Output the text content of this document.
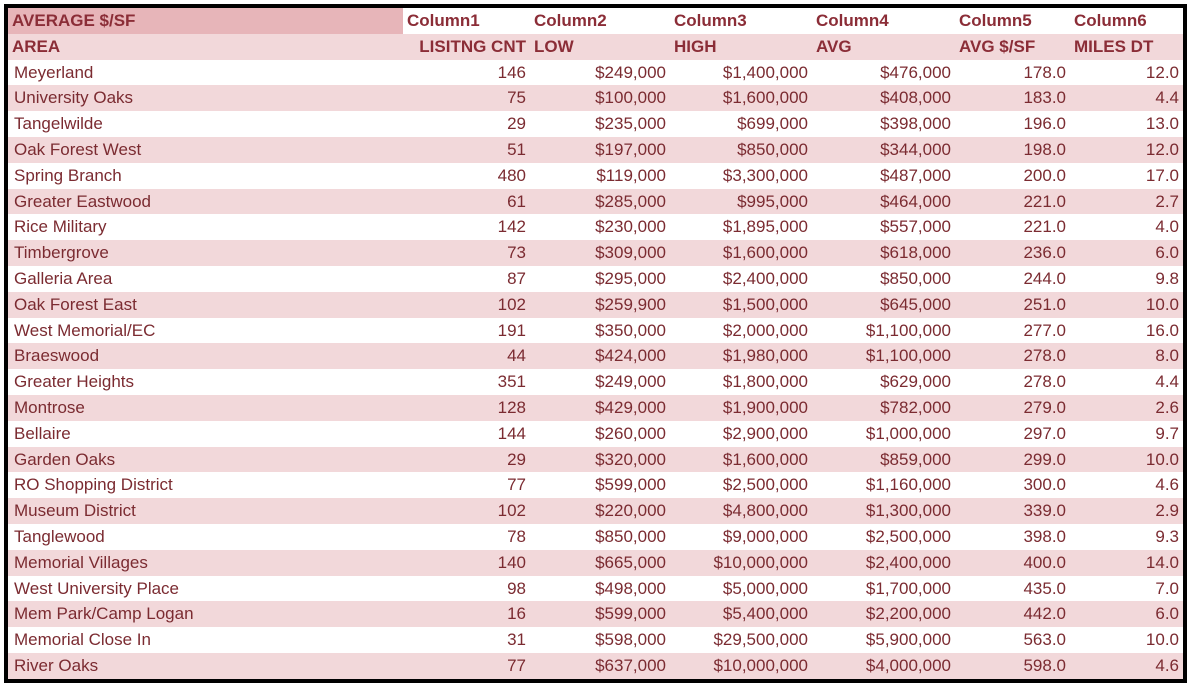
AVERAGE $/SF	Column1	Column2	Column3	Column4	Column5	Column6
AREA	LISITNG CNT	LOW	HIGH	AVG	AVG $/SF	MILES DT
Meyerland	146	$249,000	$1,400,000	$476,000	178.0	12.0
University Oaks	75	$100,000	$1,600,000	$408,000	183.0	4.4
Tangelwilde	29	$235,000	$699,000	$398,000	196.0	13.0
Oak Forest West	51	$197,000	$850,000	$344,000	198.0	12.0
Spring Branch	480	$119,000	$3,300,000	$487,000	200.0	17.0
Greater Eastwood	61	$285,000	$995,000	$464,000	221.0	2.7
Rice Military	142	$230,000	$1,895,000	$557,000	221.0	4.0
Timbergrove	73	$309,000	$1,600,000	$618,000	236.0	6.0
Galleria Area	87	$295,000	$2,400,000	$850,000	244.0	9.8
Oak Forest East	102	$259,900	$1,500,000	$645,000	251.0	10.0
West Memorial/EC	191	$350,000	$2,000,000	$1,100,000	277.0	16.0
Braeswood	44	$424,000	$1,980,000	$1,100,000	278.0	8.0
Greater Heights	351	$249,000	$1,800,000	$629,000	278.0	4.4
Montrose	128	$429,000	$1,900,000	$782,000	279.0	2.6
Bellaire	144	$260,000	$2,900,000	$1,000,000	297.0	9.7
Garden Oaks	29	$320,000	$1,600,000	$859,000	299.0	10.0
RO Shopping District	77	$599,000	$2,500,000	$1,160,000	300.0	4.6
Museum District	102	$220,000	$4,800,000	$1,300,000	339.0	2.9
Tanglewood	78	$850,000	$9,000,000	$2,500,000	398.0	9.3
Memorial Villages	140	$665,000	$10,000,000	$2,400,000	400.0	14.0
West University Place	98	$498,000	$5,000,000	$1,700,000	435.0	7.0
Mem Park/Camp Logan	16	$599,000	$5,400,000	$2,200,000	442.0	6.0
Memorial Close In	31	$598,000	$29,500,000	$5,900,000	563.0	10.0
River Oaks	77	$637,000	$10,000,000	$4,000,000	598.0	4.6
